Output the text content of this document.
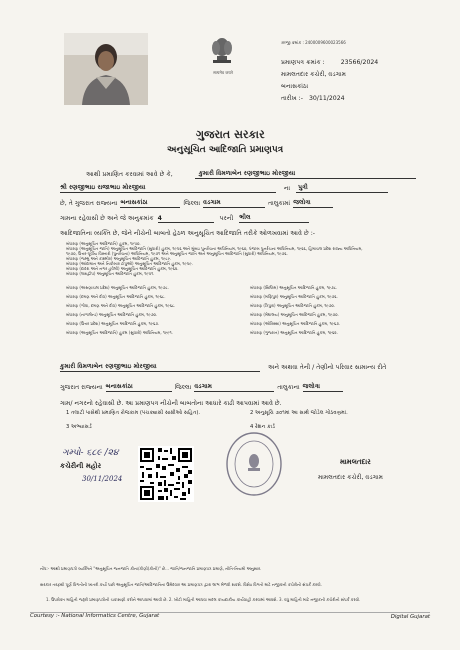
सत्यमेव जयते
अरજી ક્રમાંક : 2400009600023566
પ્રમાણપત્ર ક્રમાંક :	23566/2024
મામલતદાર કચેરી, વડગામ
બનાસકાંઠા
તારીખ :- 30/11/2024
ગુજરાત સરકાર
અનુસૂચિત આદિજાતિ પ્રમાણપત્ર
આથી પ્રમાણિત કરવામાં આવે છે કે,	કુમારી વિમળાબેન રણજીભાઇ મોરજીયા
શ્રી રણજીભાઇ રાજાભાઇ મોરજીયા	ના	પુત્રી
છે, તે ગુજરાત રાજ્યના બનાસકાંઠા	જિલ્લા વડગામ	તાલુકામાં જલોત્રા
ગામના રહેવાસી છે અને જે અનુક્રમાંક 4	પરની ભીલ
આદિજાતિના વ્યક્તિ છે, જેને નીચેની બાબતો હેઠળ અનુસૂચિત આદિજાતિ તરીકે ઓળખવામાં આવે છે :-
બંધારણ (અનુસૂચિત આદિજાતિ) હુકમ, ૧૯૫૦.
બંધારણ (અનુસૂચિત જાતિ) અનુસૂચિત આદિજાતિ (સુધારો) હુકમ, ૧૯૫૬ અને મુંબઇ પુનર્રચના અધિનિયમ, ૧૯૬૦, પંજાબ પુનર્રચના અધિનિયમ, ૧૯૬૬, હિમાચલ પ્રદેશ રાજ્ય અધિનિયમ,
૧૯૭૦, ઉત્તર-પૂર્વીય વિસ્તારો (પુનર્રચના) અધિનિયમ, ૧૯૭૧ અને અનુસૂચિત જાતિ અને અનુસૂચિત આદિજાતિ (સુધારો) અધિનિયમ, ૧૯૭૬.
બંધારણ (જમ્મુ અને કાશ્મીર) અનુસૂચિત આદિજાતિ હુકમ, ૧૯૮૯.
બંધારણ (આંદામાન અને નિકોબાર ટાપુઓ) અનુસૂચિત આદિજાતિ હુકમ, ૧૯૫૯.
બંધારણ (દાદરા અને નગર હવેલી) અનુસૂચિત આદિજાતિ હુકમ, ૧૯૬૨.
બંધારણ (લક્ષદ્વીપ) અનુસૂચિત આદિજાતિ હુકમ, ૧૯૫૧.
બંધારણ (અરુણાચલ પ્રદેશ) અનુસૂચિત આદિજાતિ હુકમ, ૧૯૭૮.
બંધારણ (દમણ અને દીવ) અનુસૂચિત આદિજાતિ હુકમ, ૧૯૬૮.
બંધારણ (ગોવા, દમણ અને દીવ) અનુસૂચિત આદિજાતિ હુકમ, ૧૯૬૮.
બંધારણ (નાગાલેન્ડ) અનુસૂચિત આદિજાતિ હુકમ, ૧૯૭૦.
બંધારણ (ઉત્તર પ્રદેશ) અનુસૂચિત આદિજાતિ હુકમ, ૧૯૬૭.
બંધારણ (અનુસૂચિત આદિજાતિ) હુકમ (સુધારો) અધિનિયમ, ૧૯૯૧.
બંધારણ (સિક્કિમ) અનુસૂચિત આદિજાતિ હુકમ, ૧૯૭૮.
બંધારણ (મણિપુર) અનુસૂચિત આદિજાતિ હુકમ, ૧૯૭૬.
બંધારણ (ત્રિપુરા) અનુસૂચિત આદિજાતિ હુકમ, ૧૯૭૦.
બંધારણ (મેઘાલય) અનુસૂચિત આદિજાતિ હુકમ, ૧૯૭૦.
બંધારણ (ઓરિસ્સા) અનુસૂચિત આદિજાતિ હુકમ, ૧૯૬૭.
બંધારણ (ગુજરાત) અનુસૂચિત આદિજાતિ હુકમ, ૧૯૬૨.
કુમારી વિમળાબેન રણજીભાઇ મોરજીયા	અને અથવા તેની / તેણીનો પરિવાર સામાન્ય રીતે
ગુજરાત રાજ્યના બનાસકાંઠા	જિલ્લા વડગામ	તાલુકાના જલોત્રા
ગામ/ નગરનો રહેવાસી છે. આ પ્રમાણપત્ર નીચેની બાબતોના આધારે કાઢી આપવામાં આવે છે.
1 તલાટી પાસેથી પ્રમાણિત રોજકામ (પંચક્યાસી સાક્ષીઓ સહિત).	2 અનુસૂચિ ૭૦૧માં આ સાથે જોડેલ ગોઠવણમાં.
3 અભ્યાસર્ડ	4 રેશન કાર્ડ
ગમ્પો- ૬૮૯ /૨૪
કચેરીની મહોર
30/11/2024
મામલતદાર
મામલતદાર કચેરી, વડગામ
નોંધ:- આથી પ્રમાણપત્રો વ્યક્તિને "અનુસૂચિત જનજાતિ કોના/કોણી(કોની)" છે... જાતિ/જનજાતિ પ્રમાણપત્ર પ્રમાણે, નીતિ-નિયમો અનુસાર.
સરકાર તરફથી પૂર્ણ વિગતોની ખાતરી કર્યા પછી અનુસૂચિત જાતિ/આદિજાતિના ઉમેદવાર આ પ્રમાણપત્ર દ્વારા લાભ મેળવી શકશે. વિશેષ વિગતો માટે નજીકની કચેરીનો સંપર્ક કરવો.
1. ઉપરોક્ત માહિતી જરૂરી પ્રમાણપત્રોની ચકાસણી કરીને આપવામાં આવી છે. 2. ખોટી માહિતી આપવા બદલ કાયદાકીય કાર્યવાહી કરવામાં આવશે. 3. વધુ માહિતી માટે નજીકની કચેરીનો સંપર્ક કરવો.
Courtesy :- National Informatics Centre, Gujarat	Digital Gujarat
